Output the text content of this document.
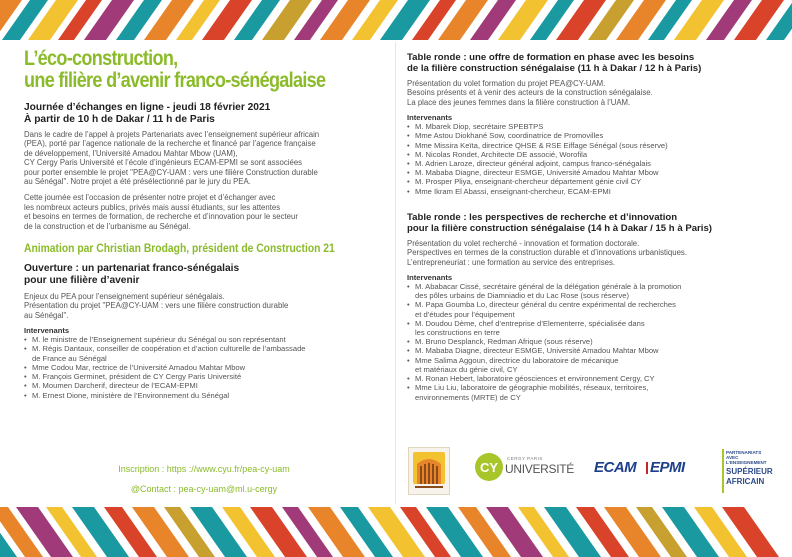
L’éco-construction,
une filière d’avenir franco-sénégalaise

Journée d’échanges en ligne - jeudi 18 février 2021

À partir de 10 h de Dakar / 11 h de Paris

Dans le cadre de l’appel à projets Partenariats avec l’enseignement supérieur africain
(PEA), porté par l’agence nationale de la recherche et financé par l’agence française
de développement, l’Université Amadou Mahtar Mbow (UAM),
CY Cergy Paris Université et l’école d’ingénieurs ECAM-EPMI se sont associées
pour porter ensemble le projet "PEA@CY-UAM : vers une filière Construction durable
au Sénégal". Notre projet a été présélectionné par le jury du PEA.

Cette journée est l’occasion de présenter notre projet et d’échanger avec
les nombreux acteurs publics, privés mais aussi étudiants, sur les attentes
et besoins en termes de formation, de recherche et d’innovation pour le secteur
de la construction et de l’urbanisme au Sénégal.

Animation par Christian Brodagh, président de Construction 21

Ouverture : un partenariat franco-sénégalais
pour une filière d’avenir

Enjeux du PEA pour l’enseignement supérieur sénégalais.
Présentation du projet "PEA@CY-UAM : vers une filière construction durable
au Sénégal".

Intervenants

• M. le ministre de l’Enseignement supérieur du Sénégal ou son représentant
• M. Régis Dantaux, conseiller de coopération et d’action culturelle de l’ambassade
de France au Sénégal
• Mme Codou Mar, rectrice de l’Université Amadou Mahtar Mbow
• M. François Germinet, président de CY Cergy Paris Université
• M. Moumen Darcherif, directeur de l’ECAM-EPMI
• M. Ernest Dione, ministère de l’Environnement du Sénégal
Inscription : https ://www.cyu.fr/pea-cy-uam
@Contact : pea-cy-uam@ml.u-cergy

Table ronde : une offre de formation en phase avec les besoins
de la filière construction sénégalaise (11 h à Dakar / 12 h à Paris)

Présentation du volet formation du projet PEA@CY-UAM.
Besoins présents et à venir des acteurs de la construction sénégalaise.
La place des jeunes femmes dans la filière construction à l’UAM.

Intervenants

• M. Mbarek Diop, secrétaire SPEBTPS
• Mme Astou Diokhané Sow, coordinatrice de Promovilles
• Mme Missira Keïta, directrice QHSE & RSE Eiffage Sénégal (sous réserve)
• M. Nicolas Rondet, Architecte DE associé, Worofila
• M. Adrien Laroze, directeur général adjoint, campus franco-sénégalais
• M. Mababa Diagne, directeur ESMGE, Université Amadou Mahtar Mbow
• M. Prosper Pliya, enseignant-chercheur département génie civil CY
• Mme Ikram El Abassi, enseignant-chercheur, ECAM-EPMI

Table ronde : les perspectives de recherche et d’innovation
pour la filière construction sénégalaise (14 h à Dakar / 15 h à Paris)

Présentation du volet recherché - innovation et formation doctorale.
Perspectives en termes de la construction durable et d’innovations urbanistiques.
L’entrepreneuriat : une formation au service des entreprises.

Intervenants

• M. Ababacar Cissé, secrétaire général de la délégation générale à la promotion
des pôles urbains de Diamniadio et du Lac Rose (sous réserve)
• M. Papa Goumba Lo, directeur général du centre expérimental de recherches
et d’études pour l’équipement
• M. Doudou Dème, chef d’entreprise d’Elementerre, spécialisée dans
les constructions en terre
• M. Bruno Desplanck, Redman Afrique (sous réserve)
• M. Mababa Diagne, directeur ESMGE, Université Amadou Mahtar Mbow
• Mme Salima Aggoun, directrice du laboratoire de mécanique
et matériaux du génie civil, CY
• M. Ronan Hebert, laboratoire géosciences et environnement Cergy, CY
• Mme Liu Liu, laboratoire de géographie mobilités, réseaux, territoires,
environnements (MRTE) de CY
CY
CERGY PARIS
UNIVERSITÉ ECAM EPMI
PARTENARIATS
AVEC
L’ENSEIGNEMENT
SUPÉRIEUR
AFRICAIN
